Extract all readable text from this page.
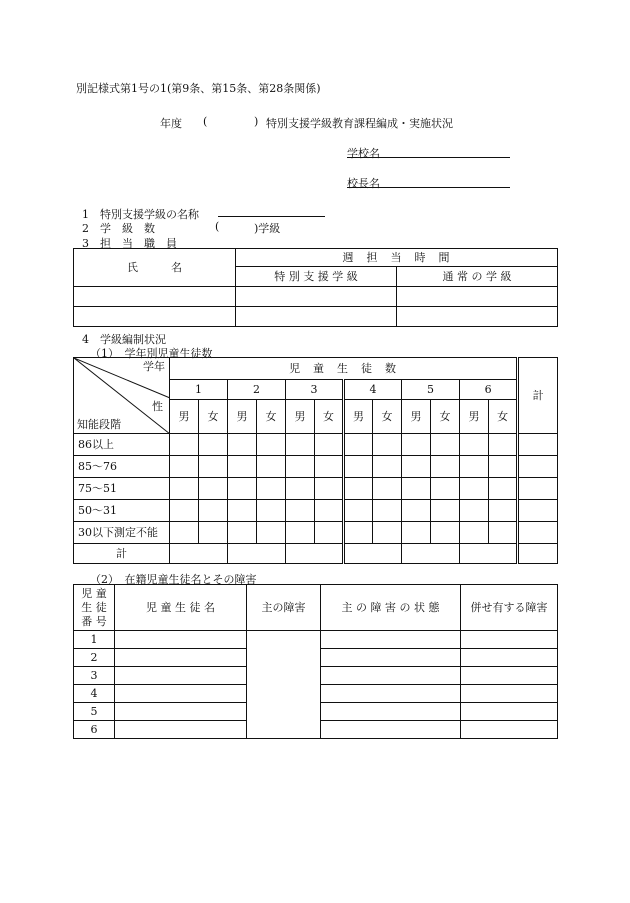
別記様式第1号の1(第9条、第15条、第28条関係)
年度 (	) 特別支援学級教育課程編成・実施状況
学校名
校長名
1　特別支援学級の名称
2　学　級　数	(	)学級
3　担　当　職　員
氏　　　名	週　担　当　時　間	
	特 別 支 援 学 級	通 常 の 学 級

4　学級編制状況
（1）　学年別児童生徒数
学年
性
知能段階	児　童　生　徒　数												計
	1		2		3		4		5		6		
	男	女	男	女	男	女	男	女	男	女	男	女	
86以上													
85〜76													
75〜51													
50〜31													
30以下測定不能													
計													
（2）　在籍児童生徒名とその障害
児 童
生 徒
番 号	児 童 生 徒 名	主の障害	主 の 障 害 の 状 態	併せ有する障害
1				
2				
3				
4				
5				
6				
